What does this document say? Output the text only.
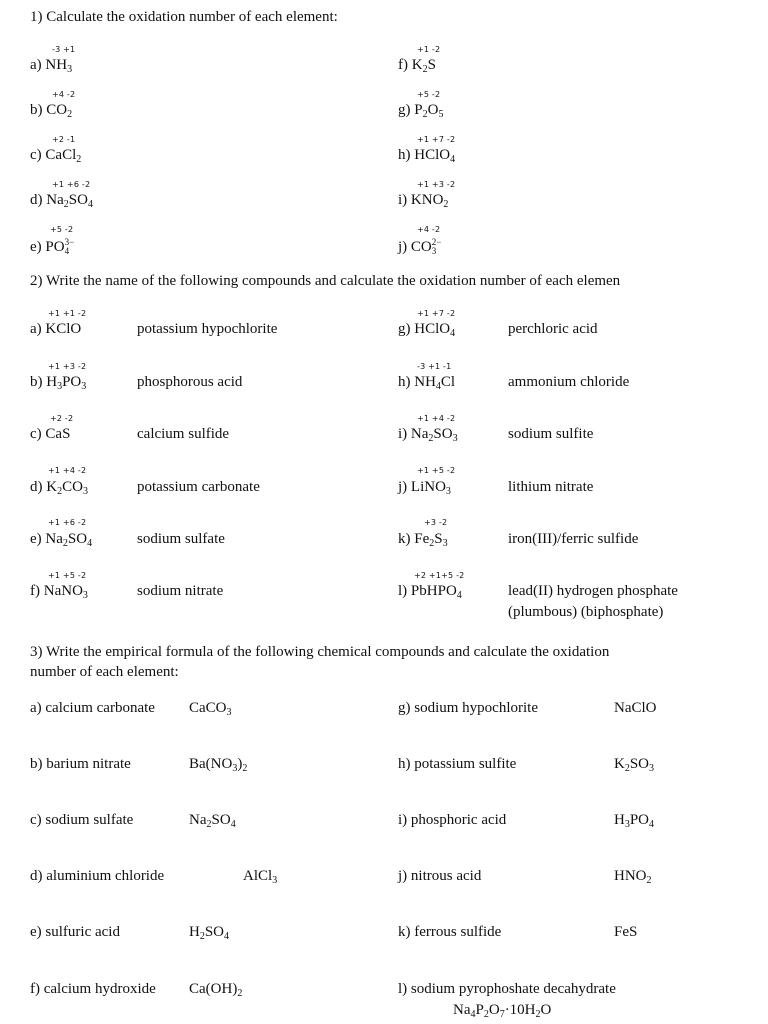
1) Calculate the oxidation number of each element:
-3 +1
a) $NH_3$
+4 -2
b) $CO_2$
+2 -1
c) CaCl$_2$
+1 +6 -2
d) $Na_2SO_4$
+5 -2
e) PO 3−
4
+1 -2
f) $K_2S$
+5 -2
g) $P_2O_5$
+1 +7 -2
h) HClO$_4$
+1 +3 -2
i) $KNO_2$
+4 -2
j) CO 2−
3
2) Write the name of the following compounds and calculate the oxidation number of each elemen
+1 +1 -2
a) KClO	potassium hypochlorite
+1 +3 -2
b) $H_3PO_3$	phosphorous acid
+2 -2
c) CaS	calcium sulfide
+1 +4 -2
d) $K_2CO_3$	potassium carbonate
+1 +6 -2
e) $Na_2SO_4$	sodium sulfate
+1 +5 -2
f) NaNO$_3$	sodium nitrate
+1 +7 -2
g) HClO$_4$	perchloric acid
-3 +1 -1
h) $NH_4Cl$	ammonium chloride
+1 +4 -2
i) $Na_2SO_3$	sodium sulfite
+1 +5 -2
j) LiNO$_3$	lithium nitrate
+3 -2
k) $Fe_2S_3$	iron(III)/ferric sulfide
+2 +1+5 -2
l) PbHPO$_4$	lead(II) hydrogen phosphate
(plumbous) (biphosphate)
3) Write the empirical formula of the following chemical compounds and calculate the oxidation
number of each element:
a) calcium carbonate CaCO$_3$
b) barium nitrate	$Ba(NO_3)_2$
c) sodium sulfate	$Na_2SO_4$
d) aluminium chloride	AlCl$_3$
e) sulfuric acid	$H_2SO_4$
f) calcium hydroxide $Ca(OH)_2$
g) sodium hypochlorite	NaClO
h) potassium sulfite	$K_2SO_3$
i) phosphoric acid	$H_3PO_4$
j) nitrous acid	$HNO_2$
k) ferrous sulfide	FeS
l) sodium pyrophoshate decahydrate
$Na_4P_2O_7\cdot 10H_2O$
